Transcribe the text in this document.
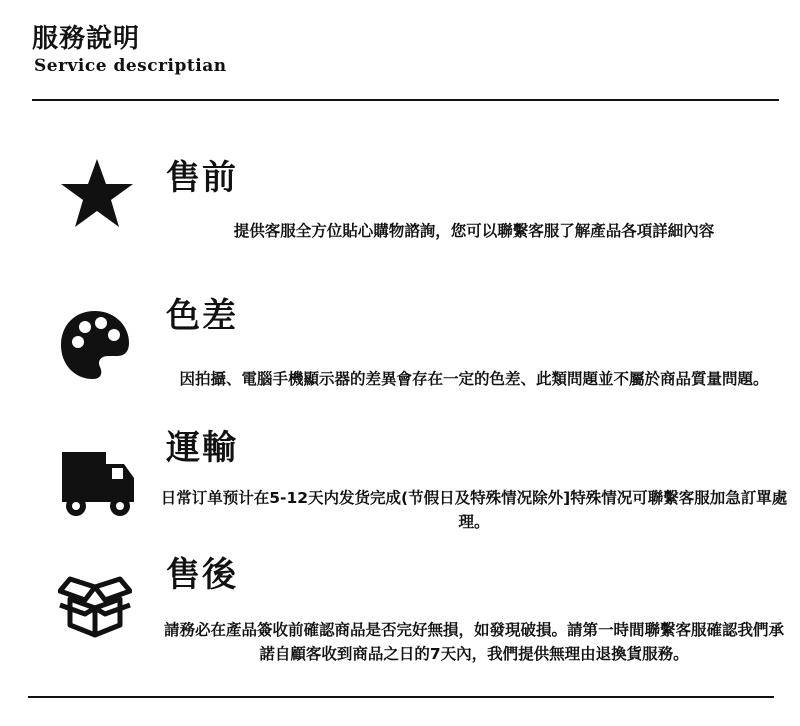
服務說明
Service descriptian
售前
提供客服全方位貼心購物諮詢，您可以聯繫客服了解產品各項詳細內容
色差
因拍攝、電腦手機顯示器的差異會存在一定的色差、此類問題並不屬於商品質量問題。
運輸
日常订单预计在5-12天内发货完成(节假日及特殊情况除外]特殊情况可聯繫客服加急訂單處理。
售後
請務必在產品簽收前確認商品是否完好無損，如發現破損。請第一時間聯繫客服確認我們承諾自顧客收到商品之日的7天內，我們提供無理由退換貨服務。
